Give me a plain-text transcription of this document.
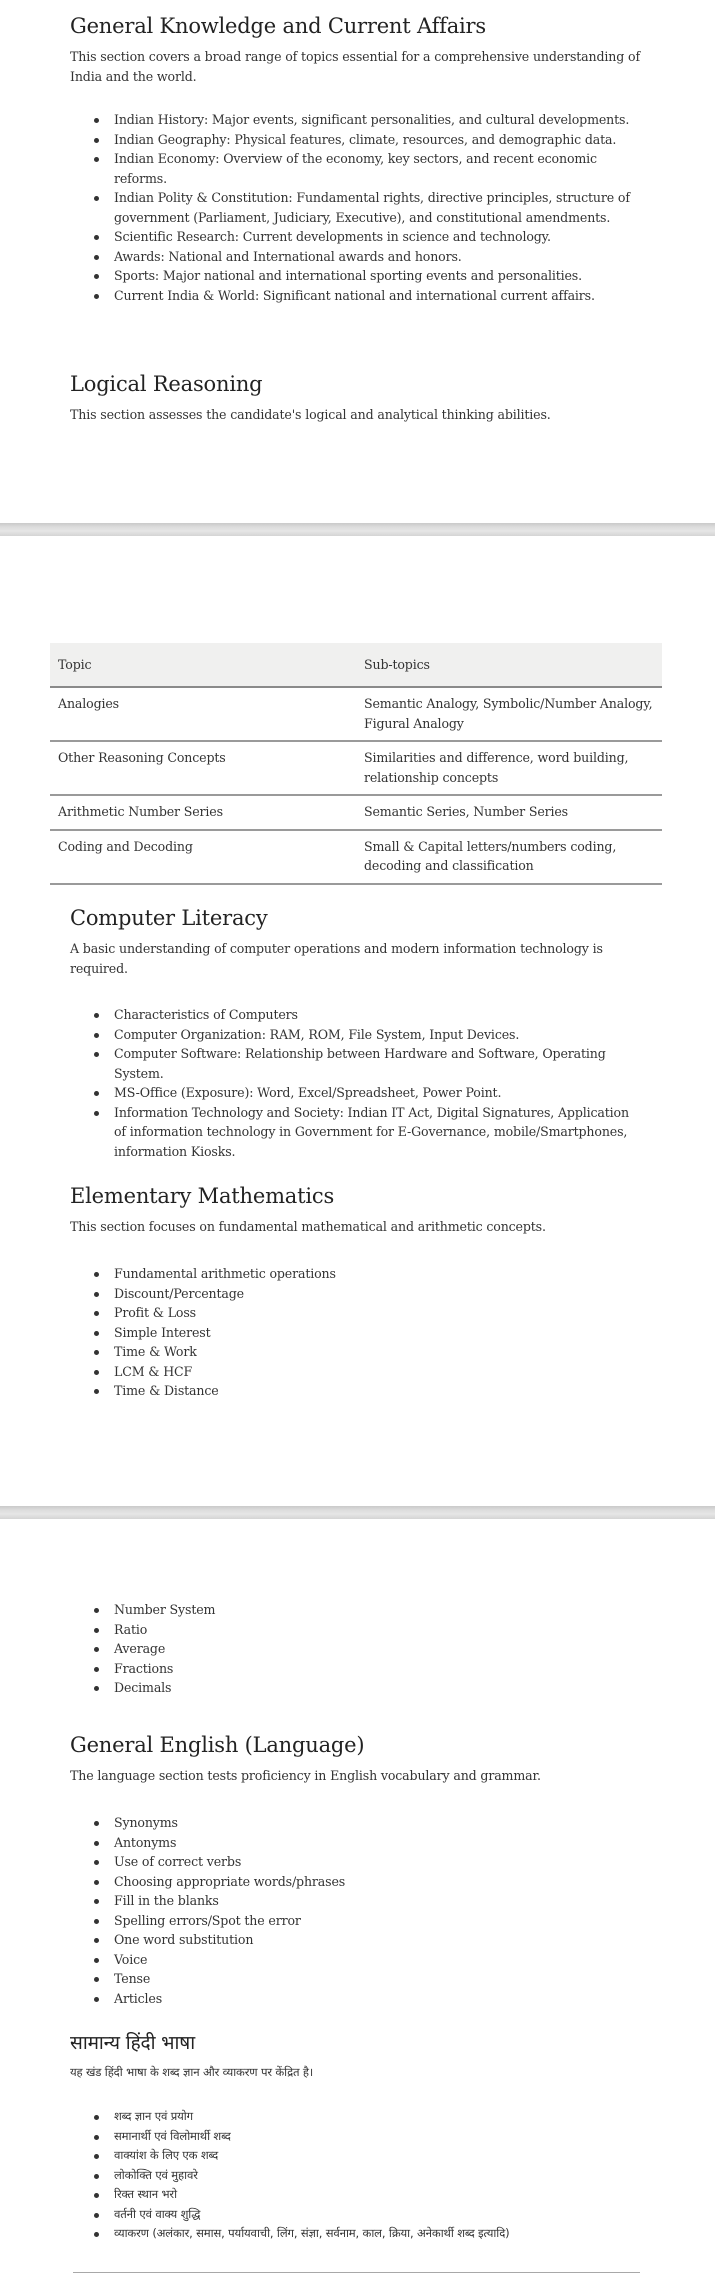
General Knowledge and Current Affairs

This section covers a broad range of topics essential for a comprehensive understanding of India and the world.

Indian History: Major events, significant personalities, and cultural developments.
Indian Geography: Physical features, climate, resources, and demographic data.
Indian Economy: Overview of the economy, key sectors, and recent economic reforms.
Indian Polity & Constitution: Fundamental rights, directive principles, structure of government (Parliament, Judiciary, Executive), and constitutional amendments.
Scientific Research: Current developments in science and technology.
Awards: National and International awards and honors.
Sports: Major national and international sporting events and personalities.
Current India & World: Significant national and international current affairs.
Logical Reasoning

This section assesses the candidate's logical and analytical thinking abilities.

Topic	Sub-topics
Analogies	Semantic Analogy, Symbolic/Number Analogy, Figural Analogy
Other Reasoning Concepts	Similarities and difference, word building, relationship concepts
Arithmetic Number Series	Semantic Series, Number Series
Coding and Decoding	Small & Capital letters/numbers coding, decoding and classification
Computer Literacy

A basic understanding of computer operations and modern information technology is required.

Characteristics of Computers
Computer Organization: RAM, ROM, File System, Input Devices.
Computer Software: Relationship between Hardware and Software, Operating System.
MS-Office (Exposure): Word, Excel/Spreadsheet, Power Point.
Information Technology and Society: Indian IT Act, Digital Signatures, Application of information technology in Government for E-Governance, mobile/Smartphones, information Kiosks.
Elementary Mathematics

This section focuses on fundamental mathematical and arithmetic concepts.

Fundamental arithmetic operations
Discount/Percentage
Profit & Loss
Simple Interest
Time & Work
LCM & HCF
Time & Distance
Number System
Ratio
Average
Fractions
Decimals
General English (Language)

The language section tests proficiency in English vocabulary and grammar.

Synonyms
Antonyms
Use of correct verbs
Choosing appropriate words/phrases
Fill in the blanks
Spelling errors/Spot the error
One word substitution
Voice
Tense
Articles
सामान्य हिंदी भाषा

यह खंड हिंदी भाषा के शब्द ज्ञान और व्याकरण पर केंद्रित है।

शब्द ज्ञान एवं प्रयोग
समानार्थी एवं विलोमार्थी शब्द
वाक्यांश के लिए एक शब्द
लोकोक्ति एवं मुहावरे
रिक्त स्थान भरो
वर्तनी एवं वाक्य शुद्धि
व्याकरण (अलंकार, समास, पर्यायवाची, लिंग, संज्ञा, सर्वनाम, काल, क्रिया, अनेकार्थी शब्द इत्यादि)
